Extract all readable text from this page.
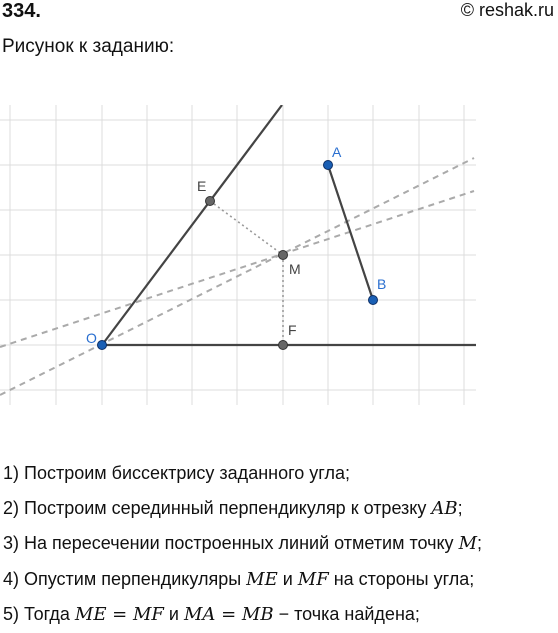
334.	© reshak.ru
Рисунок к заданию:
O
E
M
F
A
B
1) Построим биссектрису заданного угла;
2) Построим серединный перпендикуляр к отрезку AB;
3) На пересечении построенных линий отметим точку M;
4) Опустим перпендикуляры ME и MF на стороны угла;
5) Тогда ME = MF и MA = MB − точка найдена;
